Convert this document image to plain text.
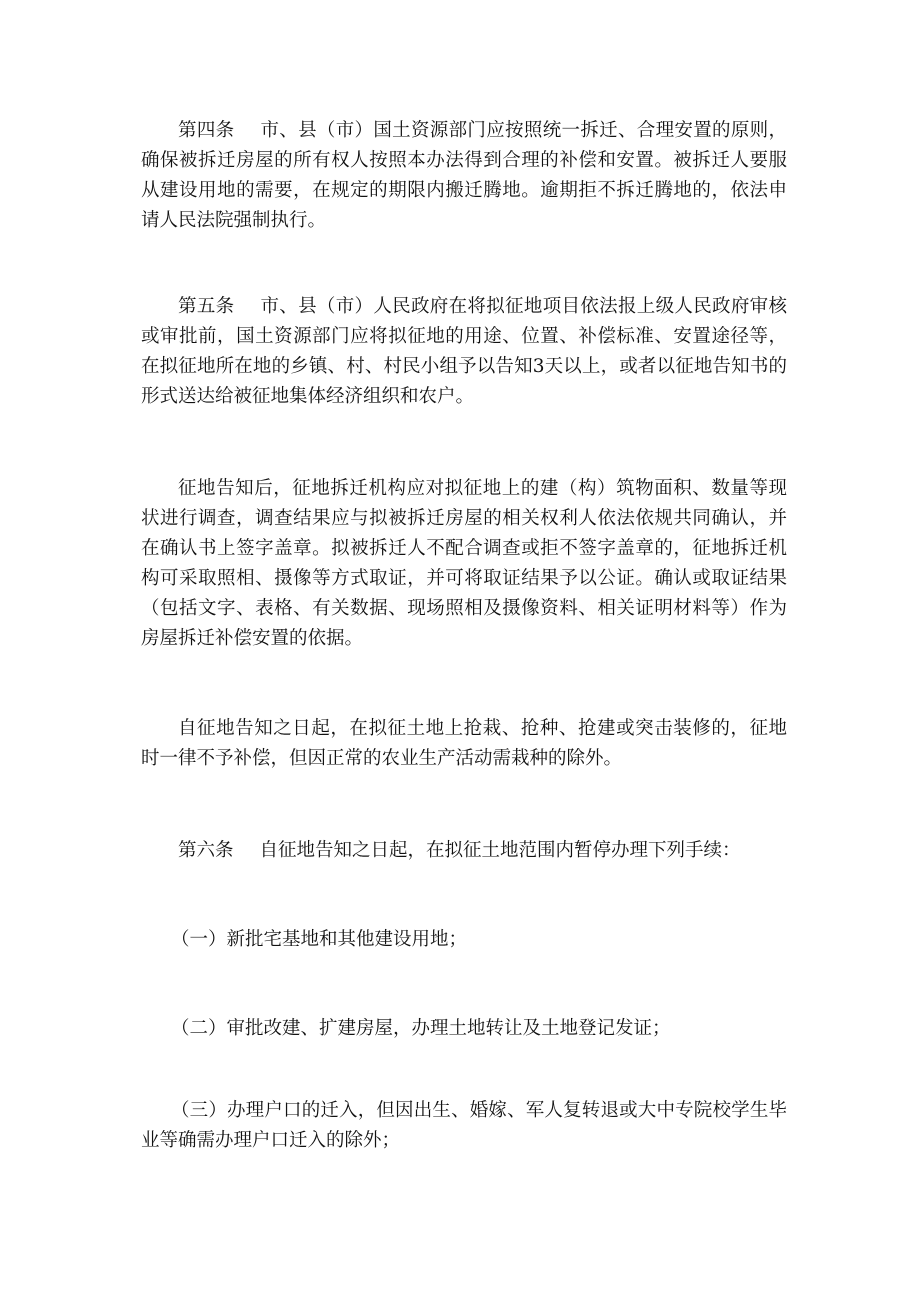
第四条 市、县（市）国土资源部门应按照统一拆迁、合理安置的原则，确保被拆迁房屋的所有权人按照本办法得到合理的补偿和安置。被拆迁人要服从建设用地的需要，在规定的期限内搬迁腾地。逾期拒不拆迁腾地的，依法申请人民法院强制执行。

第五条 市、县（市）人民政府在将拟征地项目依法报上级人民政府审核或审批前，国土资源部门应将拟征地的用途、位置、补偿标准、安置途径等，在拟征地所在地的乡镇、村、村民小组予以告知3天以上，或者以征地告知书的形式送达给被征地集体经济组织和农户。

征地告知后，征地拆迁机构应对拟征地上的建（构）筑物面积、数量等现状进行调查，调查结果应与拟被拆迁房屋的相关权利人依法依规共同确认，并在确认书上签字盖章。拟被拆迁人不配合调查或拒不签字盖章的，征地拆迁机构可采取照相、摄像等方式取证，并可将取证结果予以公证。确认或取证结果（包括文字、表格、有关数据、现场照相及摄像资料、相关证明材料等）作为房屋拆迁补偿安置的依据。

自征地告知之日起，在拟征土地上抢栽、抢种、抢建或突击装修的，征地时一律不予补偿，但因正常的农业生产活动需栽种的除外。

第六条 自征地告知之日起，在拟征土地范围内暂停办理下列手续：

（一）新批宅基地和其他建设用地；

（二）审批改建、扩建房屋，办理土地转让及土地登记发证；

（三）办理户口的迁入，但因出生、婚嫁、军人复转退或大中专院校学生毕业等确需办理户口迁入的除外；
